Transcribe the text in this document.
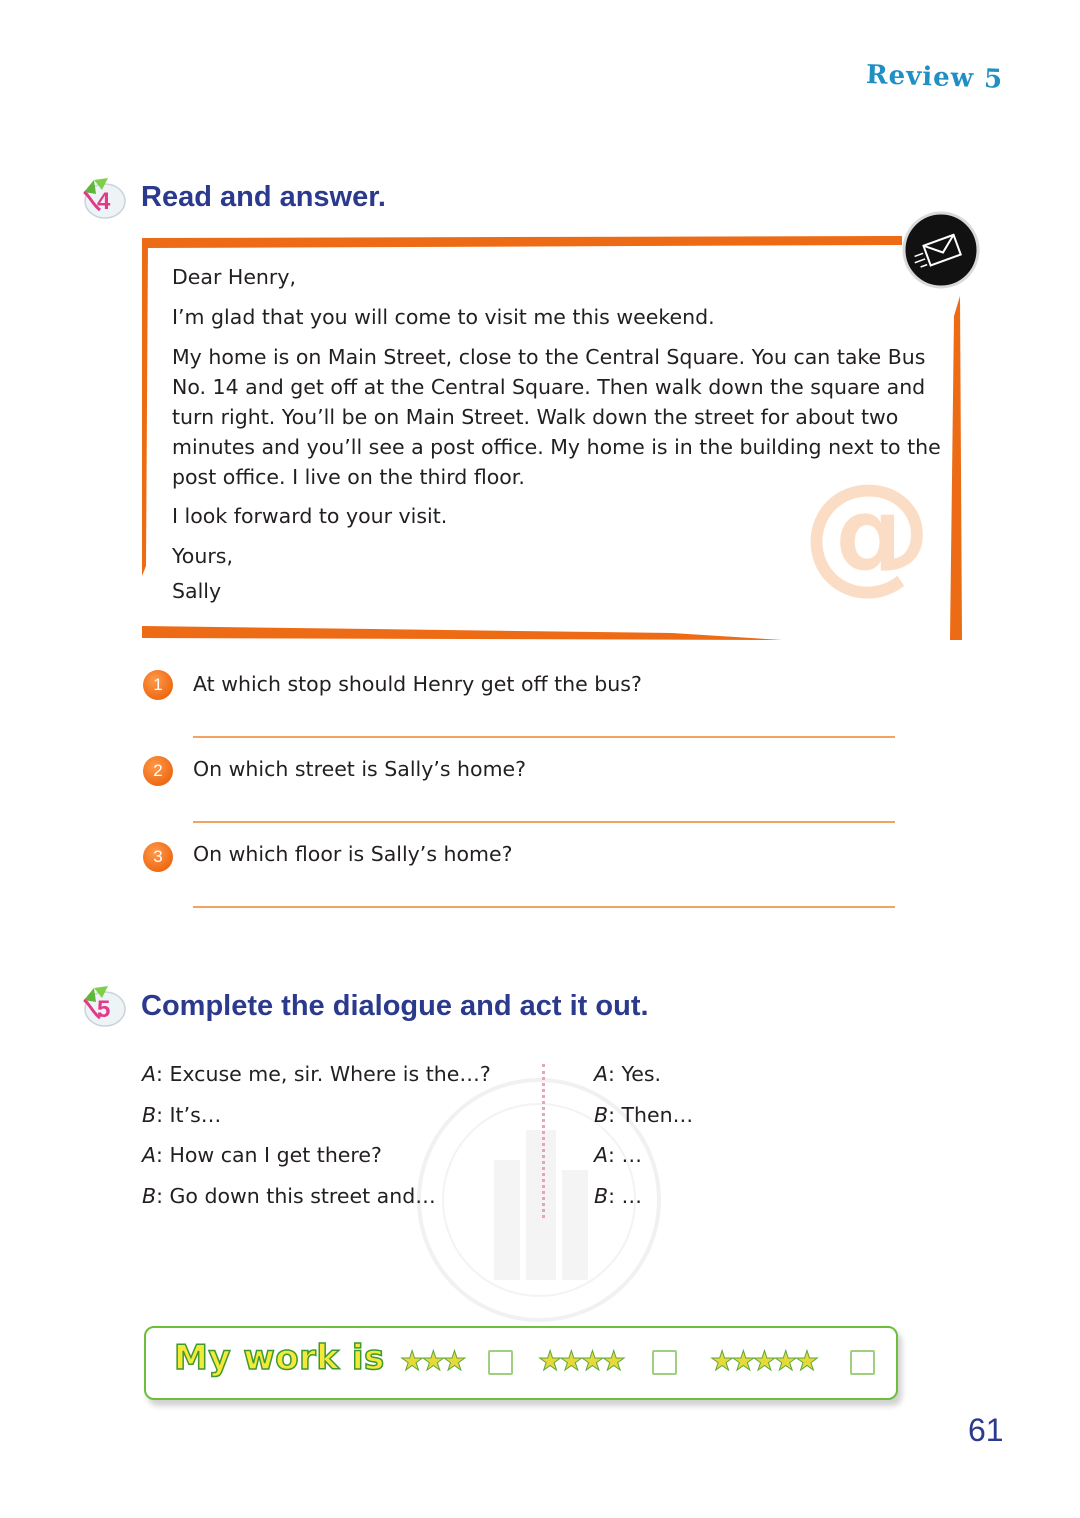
Review 5
4 Read and answer.
@
Dear Henry,
I’m glad that you will come to visit me this weekend.
My home is on Main Street, close to the Central Square. You can take Bus
No. 14 and get off at the Central Square. Then walk down the square and
turn right. You’ll be on Main Street. Walk down the street for about two
minutes and you’ll see a post office. My home is in the building next to the
post office. I live on the third floor.
I look forward to your visit.
Yours,
Sally
1	At which stop should Henry get off the bus?
2	On which street is Sally’s home?
3	On which floor is Sally’s home?
5 Complete the dialogue and act it out.
A: Excuse me, sir. Where is the…?
B: It’s…
A: How can I get there?
B: Go down this street and…
A: Yes.
B: Then…
A: …
B: …
My work is ★★★	★★★★	★★★★★
61
